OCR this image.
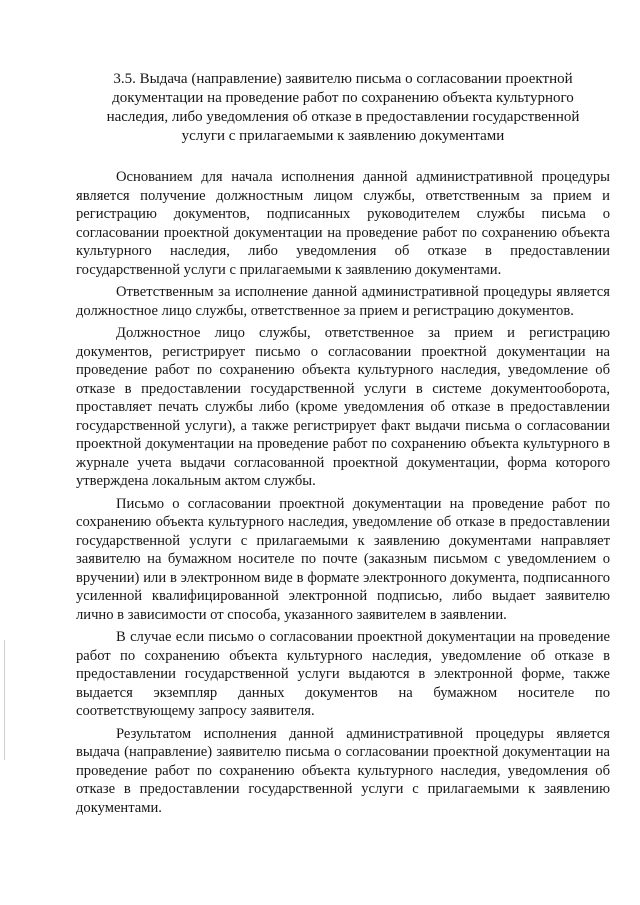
3.5. Выдача (направление) заявителю письма о согласовании проектной документации на проведение работ по сохранению объекта культурного наследия, либо уведомления об отказе в предоставлении государственной услуги с прилагаемыми к заявлению документами

Основанием для начала исполнения данной административной процедуры является получение должностным лицом службы, ответственным за прием и регистрацию документов, подписанных руководителем службы письма о согласовании проектной документации на проведение работ по сохранению объекта культурного наследия, либо уведомления об отказе в предоставлении государственной услуги с прилагаемыми к заявлению документами.

Ответственным за исполнение данной административной процедуры является должностное лицо службы, ответственное за прием и регистрацию документов.

Должностное лицо службы, ответственное за прием и регистрацию документов, регистрирует письмо о согласовании проектной документации на проведение работ по сохранению объекта культурного наследия, уведомление об отказе в предоставлении государственной услуги в системе документооборота, проставляет печать службы либо (кроме уведомления об отказе в предоставлении государственной услуги), а также регистрирует факт выдачи письма о согласовании проектной документации на проведение работ по сохранению объекта культурного в журнале учета выдачи согласованной проектной документации, форма которого утверждена локальным актом службы.

Письмо о согласовании проектной документации на проведение работ по сохранению объекта культурного наследия, уведомление об отказе в предоставлении государственной услуги с прилагаемыми к заявлению документами направляет заявителю на бумажном носителе по почте (заказным письмом с уведомлением о вручении) или в электронном виде в формате электронного документа, подписанного усиленной квалифицированной электронной подписью, либо выдает заявителю лично в зависимости от способа, указанного заявителем в заявлении.

В случае если письмо о согласовании проектной документации на проведение работ по сохранению объекта культурного наследия, уведомление об отказе в предоставлении государственной услуги выдаются в электронной форме, также выдается экземпляр данных документов на бумажном носителе по соответствующему запросу заявителя.

Результатом исполнения данной административной процедуры является выдача (направление) заявителю письма о согласовании проектной документации на проведение работ по сохранению объекта культурного наследия, уведомления об отказе в предоставлении государственной услуги с прилагаемыми к заявлению документами.
